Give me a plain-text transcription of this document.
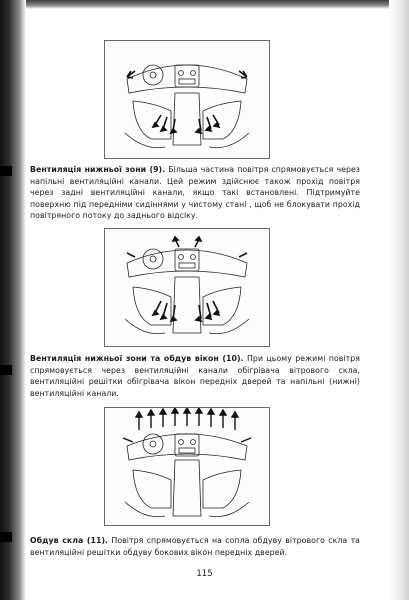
Вентиляція нижньої зони (9). Більша частина повітря спрямовується через напільні вентиляційні канали. Цей режим здійснює також прохід повітря через задні вентиляційні канали, якщо такі встановлені. Підтримуйте поверхню під передніми сидіннями у чистому стані , щоб не блокувати прохід повітряного потоку до заднього відсіку.

Вентиляція нижньої зони та обдув вікон (10). При цьому режимі повітря спрямовується через вентиляційні канали обігрівача вітрового скла, вентиляційні решітки обігрівача вікон передніх дверей та напільні (нижні) вентиляційні канали.

Обдув скла (11). Повітря спрямовується на сопла обдуву вітрового скла та вентиляційні решітки обдуву бокових вікон передніх дверей.

115
